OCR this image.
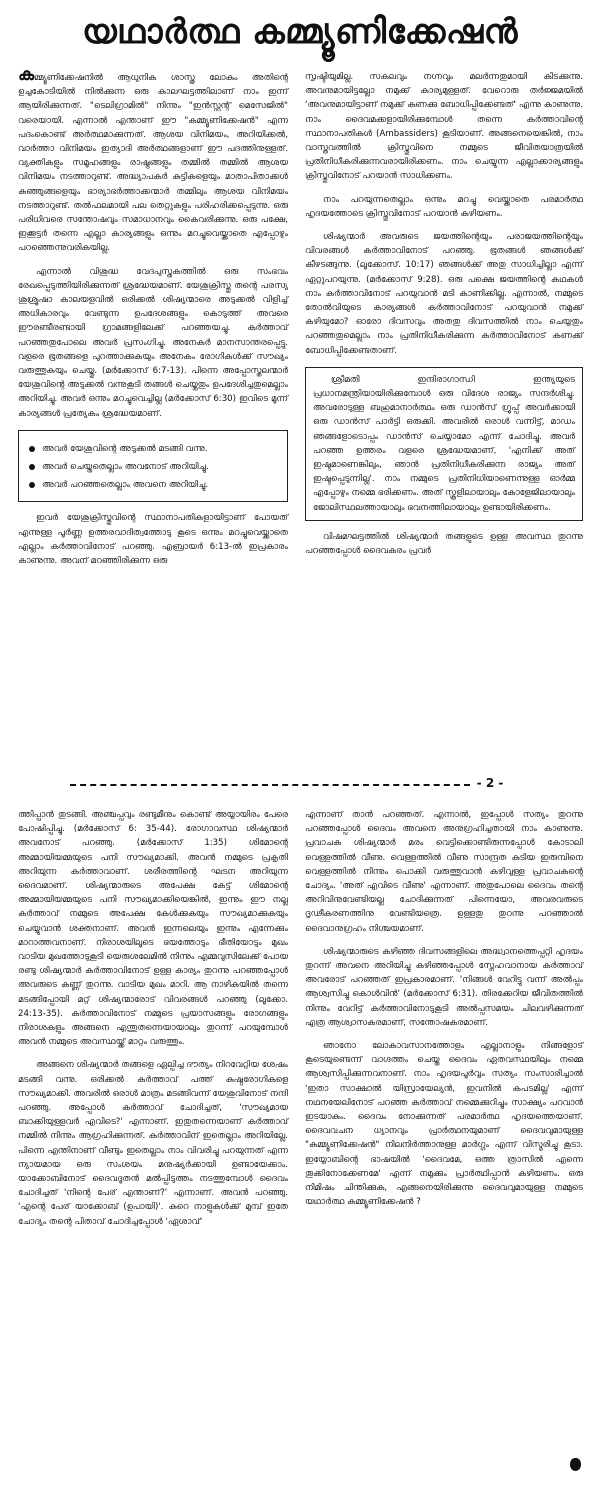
യഥാർത്ഥ കമ്മ്യൂണിക്കേഷൻ

കമ്മ്യൂണിക്കേഷനിൽ ആധുനിക ശാസ്ത്ര ലോകം അതിന്റെ ഉച്ചകോടിയിൽ നിൽക്കുന്ന ഒരു കാലഘട്ടത്തിലാണ് നാം ഇന്ന് ആയിരിക്കുന്നത്. "ടെലിഗ്രാമിൽ" നിന്നും "ഇൻസ്റ്റന്റ് മെസേജിൽ" വരെയായി. എന്നാൽ എന്താണ് ഈ "കമ്മ്യൂണിക്കേഷൻ" എന്ന പദംകൊണ്ട് അർത്ഥമാക്കുന്നത്. ആശയ വിനിമയം, അറിയിക്കൽ, വാർത്താ വിനിമയം ഇത്യാദി അർത്ഥങ്ങളാണ് ഈ പദത്തിനുള്ളത്. വ്യക്തികളും സമൂഹങ്ങളും രാഷ്ട്രങ്ങളും തമ്മിൽ തമ്മിൽ ആശയ വിനിമയം നടത്താറുണ്ട്. അദ്ധ്യാപകർ കുട്ടികളെയും മാതാപിതാക്കൾ കുഞ്ഞുങ്ങളെയും ഭാര്യാഭർത്താക്കന്മാർ തമ്മിലും ആശയ വിനിമയം നടത്താറുണ്ട്. തൽഫലമായി പല തെറ്റുകളും പരിഹരിക്കപ്പെടുന്നു. ഒരു പരിധിവരെ സന്തോഷവും സമാധാനവും കൈവരിക്കുന്നു. ഒരു പക്ഷേ, ഇക്കൂട്ടർ തന്നെ എല്ലാ കാര്യങ്ങളും ഒന്നും മറച്ചുവെയ്ക്കാതെ എപ്പോഴും പറഞ്ഞെന്നുവരികയില്ല.

എന്നാൽ വിശുദ്ധ വേദപുസ്തകത്തിൽ ഒരു സംഭവം രേഖപ്പെടുത്തിയിരിക്കുന്നത് ശ്രദ്ധേയമാണ്. യേശുക്രിസ്തു തന്റെ പരസ്യ ശുശ്രൂഷാ കാലയളവിൽ ഒരിക്കൽ ശിഷ്യന്മാരെ അടുക്കൽ വിളിച്ച് അധികാരവും വേണ്ടുന്ന ഉപദേശങ്ങളും കൊടുത്ത് അവരെ ഈരണ്ടീരണ്ടായി ഗ്രാമങ്ങളിലേക്ക് പറഞ്ഞയച്ചു. കർത്താവ് പറഞ്ഞതുപോലെ അവർ പ്രസംഗിച്ചു. അനേകർ മാനസാന്തരപ്പെട്ടു. വളരെ ഭൂതങ്ങളെ പുറത്താക്കുകയും അനേകം രോഗികൾക്ക് സൗഖ്യം വരുത്തുകയും ചെയ്തു. (മർക്കോസ് 6:7-13). പിന്നെ അപ്പോസ്തലന്മാർ യേശുവിന്റെ അടുക്കൽ വന്നുകൂടി തങ്ങൾ ചെയ്തതും ഉപദേശിച്ചതുമെല്ലാം അറിയിച്ചു. അവർ ഒന്നും മറച്ചുവെച്ചില്ല (മർക്കോസ് 6:30) ഇവിടെ മൂന്ന് കാര്യങ്ങൾ പ്രത്യേകം ശ്രദ്ധേയമാണ്.

അവർ യേശുവിന്റെ അടുക്കൽ മടങ്ങി വന്നു.
അവർ ചെയ്തതെല്ലാം അവനോട് അറിയിച്ചു.
അവർ പറഞ്ഞതെല്ലാം അവനെ അറിയിച്ചു.

ഇവർ യേശുക്രിസ്തുവിന്റെ സ്ഥാനാപതികളായിട്ടാണ് പോയത് എന്നുള്ള പൂർണ്ണ ഉത്തരവാദിത്വത്തോടു കൂടെ ഒന്നും മറച്ചുവെയ്ക്കാതെ എല്ലാം കർത്താവിനോട് പറഞ്ഞു. എബ്രായർ 6:13-ൽ ഇപ്രകാരം കാണുന്നു. അവന് മറഞ്ഞിരിക്കുന്ന ഒരു

സൃഷ്ടിയുമില്ല. സകലവും നഗ്നവും മലർന്നതുമായി കിടക്കുന്നു. അവനുമായിട്ടല്ലോ നമുക്ക് കാര്യമുള്ളത്. വേറൊരു തർജ്ജമയിൽ 'അവനുമായിട്ടാണ് നമുക്ക് കണക്കു ബോധിപ്പിക്കേണ്ടത്' എന്നു കാണുന്നു. നാം ദൈവമക്കളായിരിക്കുമ്പോൾ തന്നെ കർത്താവിന്റെ സ്ഥാനാപതികൾ (Ambassiders) കൂടിയാണ്. അങ്ങനെയെങ്കിൽ, നാം വാസ്തവത്തിൽ ക്രിസ്തുവിനെ നമ്മുടെ ജീവിതയാത്രയിൽ പ്രതിനിധീകരിക്കുന്നവരായിരിക്കണം. നാം ചെയ്യുന്ന എല്ലാക്കാര്യങ്ങളും ക്രിസ്തുവിനോട് പറയാൻ സാധിക്കണം.

നാം പറയുന്നതെല്ലാം ഒന്നും മറച്ചു വെയ്ക്കാതെ പരമാർത്ഥ ഹൃദയത്തോടെ ക്രിസ്തുവിനോട് പറയാൻ കഴിയണം.

ശിഷ്യന്മാർ അവരുടെ ജയത്തിന്റെയും പരാജയത്തിന്റെയും വിവരങ്ങൾ കർത്താവിനോട് പറഞ്ഞു. ഭൂതങ്ങൾ ഞങ്ങൾക്ക് കീഴടങ്ങുന്നു. (ലൂക്കോസ്. 10:17) ഞങ്ങൾക്ക് അതു സാധിച്ചില്ലാ എന്ന് ഏറ്റുപറയുന്നു. (മർക്കോസ് 9:28). ഒരു പക്ഷെ ജയത്തിന്റെ കഥകൾ നാം കർത്താവിനോട് പറയുവാൻ മടി കാണിക്കില്ല. എന്നാൽ, നമ്മുടെ തോൽവിയുടെ കാര്യങ്ങൾ കർത്താവിനോട് പറയുവാൻ നമുക്ക് കഴിയുമോ? ഓരോ ദിവസവും അതതു ദിവസത്തിൽ നാം ചെയ്യതും പറഞ്ഞതുമെല്ലാം നാം പ്രതിനിധീകരിക്കുന്ന കർത്താവിനോട് കണക്ക് ബോധിപ്പിക്കേണ്ടതാണ്.

ശ്രീമതി ഇന്ദിരാഗാന്ധി ഇന്ത്യയുടെ പ്രധാനമന്ത്രിയായിരിക്കുമ്പോൾ ഒരു വിദേശ രാജ്യം സന്ദർശിച്ചു. അവരോടുള്ള ബഹുമാനാർത്ഥം ഒരു ഡാൻസ് ഗ്രൂപ്പ് അവർക്കായി ഒരു ഡാൻസ് പാർട്ടി ഒരുക്കി. അവരിൽ ഒരാൾ വന്നിട്ട്, മാഡം ഞങ്ങളോടൊപ്പം ഡാൻസ് ചെയ്യാമോ എന്ന് ചോദിച്ചു. അവർ പറഞ്ഞ ഉത്തരം വളരെ ശ്രദ്ധേയമാണ്, 'എനിക്ക് അത് ഇഷ്ടമാണെങ്കിലും, ഞാൻ പ്രതിനിധീകരിക്കുന്ന രാജ്യം അത് ഇഷ്ടപ്പെടുന്നില്ല'. നാം നമ്മുടെ പ്രതിനിധിയാണെന്നുള്ള ഓർമ്മ എപ്പോഴും നമ്മെ ഭരിക്കണം. അത് സ്കൂളിലായാലും കോളേജിലായാലും ജോലിസ്ഥലത്തായാലും ഭവനത്തിലായാലും ഉണ്ടായിരിക്കണം.

വിഷമഘട്ടത്തിൽ ശിഷ്യന്മാർ തങ്ങളുടെ ഉള്ള അവസ്ഥ തുറന്നു പറഞ്ഞപ്പോൾ ദൈവകരം പ്രവർ

- 2 -

ത്തിപ്പാൻ തുടങ്ങി. അഞ്ചപ്പവും രണ്ടുമീനും കൊണ്ട് അയ്യായിരം പേരെ പോഷിപ്പിച്ചു. (മർക്കോസ് 6: 35-44). രോഗാവസ്ഥ ശിഷ്യന്മാർ അവനോട് പറഞ്ഞു. (മർക്കോസ് 1:35) ശിമോന്റെ അമ്മായിയമ്മയുടെ പനി സൗഖ്യമാക്കി. അവൻ നമ്മുടെ പ്രകൃതി അറിയുന്ന കർത്താവാണ്. ശരീരത്തിന്റെ ഘടന അറിയുന്ന ദൈവമാണ്. ശിഷ്യന്മാരുടെ അപേക്ഷ കേട്ട് ശിമോന്റെ അമ്മായിയമ്മയുടെ പനി സൗഖ്യമാക്കിയെങ്കിൽ, ഇന്നും ഈ നല്ല കർത്താവ് നമ്മുടെ അപേക്ഷ കേൾക്കുകയും സൗഖ്യമാക്കുകയും ചെയ്യുവാൻ ശക്തനാണ്. അവൻ ഇന്നലെയും ഇന്നും എന്നേക്കും മാറാത്തവനാണ്. നിരാശയിലൂടെ ഭയത്തോടും ഭീതിയോടും മുഖം വാടിയ മുഖത്തോടുകൂടി യെരുശലേമിൽ നിന്നും എമ്മവുസിലേക്ക് പോയ രണ്ടു ശിഷ്യന്മാർ കർത്താവിനോട് ഉള്ള കാര്യം തുറന്നു പറഞ്ഞപ്പോൾ അവരുടെ കണ്ണ് തുറന്നു. വാടിയ മുഖം മാറി. ആ നാഴികയിൽ തന്നെ മടങ്ങിപ്പോയി മറ്റ് ശിഷ്യന്മാരോട് വിവരങ്ങൾ പറഞ്ഞു (ലൂക്കോ. 24:13-35). കർത്താവിനോട് നമ്മുടെ പ്രയാസങ്ങളും രോഗങ്ങളും നിരാശകളും അങ്ങനെ എന്തുതന്നെയായാലും തുറന്ന് പറയുമ്പോൾ അവൻ നമ്മുടെ അവസ്ഥയ്ക്ക് മാറ്റം വരുത്തും.

അങ്ങനെ ശിഷ്യന്മാർ തങ്ങളെ ഏല്പിച്ച ദൗത്യം നിറവേറ്റിയ ശേഷം മടങ്ങി വന്നു. ഒരിക്കൽ കർത്താവ് പത്ത് കുഷ്ഠരോഗികളെ സൗഖ്യമാക്കി. അവരിൽ ഒരാൾ മാത്രം മടങ്ങിവന്ന് യേശുവിനോട് നന്ദി പറഞ്ഞു. അപ്പോൾ കർത്താവ് ചോദിച്ചത്, 'സൗഖ്യമായ ബാക്കിയുള്ളവർ എവിടെ?' എന്നാണ്. ഇതുതന്നെയാണ് കർത്താവ് നമ്മിൽ നിന്നും ആഗ്രഹിക്കുന്നത്. കർത്താവിന് ഇതെല്ലാം അറിയില്ലേ. പിന്നെ എന്തിനാണ് വീണ്ടും ഇതെല്ലാം നാം വിവരിച്ചു പറയുന്നത് എന്ന ന്യായമായ ഒരു സംശയം മനുഷ്യർക്കായി ഉണ്ടായേക്കാം. യാക്കോബിനോട് ദൈവദൂതൻ മൽപ്പിടുത്തം നടത്തുമ്പോൾ ദൈവം ചോദിച്ചത് 'നിന്റെ പേര് എന്താണ്?' എന്നാണ്. അവൻ പറഞ്ഞു. 'എന്റെ പേര് യാക്കോബ് (ഉപായി)'. കുറെ നാളുകൾക്ക് മുമ്പ് ഇതേ ചോദ്യം തന്റെ പിതാവ് ചോദിച്ചപ്പോൾ 'ഏശാവ്'

എന്നാണ് താൻ പറഞ്ഞത്. എന്നാൽ, ഇപ്പോൾ സത്യം തുറന്നു പറഞ്ഞപ്പോൾ ദൈവം അവനെ അനുഗ്രഹിച്ചതായി നാം കാണുന്നു. പ്രവാചക ശിഷ്യന്മാർ മരം വെട്ടിക്കൊണ്ടിരുന്നപ്പോൾ കോടാലി വെള്ളത്തിൽ വീണു. വെള്ളത്തിൽ വീണു സാന്ദ്രത കുടിയ ഇരുമ്പിനെ വെള്ളത്തിൽ നിന്നും പൊക്കി വരുത്തുവാൻ കഴിവുള്ള പ്രവാചകന്റെ ചോദ്യം. 'അത് എവിടെ വീണു' എന്നാണ്. അതുപോലെ ദൈവം തന്റെ അറിവിനുവേണ്ടിയല്ല ചോദിക്കുന്നത് പിന്നെയോ, അവരവരുടെ ദൃഢീകരണത്തിനു വേണ്ടിയത്രെ. ഉള്ളതു തുറന്നു പറഞ്ഞാൽ ദൈവാനുഗ്രഹം നിശ്ചയമാണ്.

ശിഷ്യന്മാരുടെ കഴിഞ്ഞ ദിവസങ്ങളിലെ അദ്ധ്വാനത്തെപ്പറ്റി ഹൃദയം തുറന്ന് അവനെ അറിയിച്ചു കഴിഞ്ഞപ്പോൾ സ്നേഹവാനായ കർത്താവ് അവരോട് പറഞ്ഞത് ഇപ്രകാരമാണ്. 'നിങ്ങൾ വേറിട്ടു വന്ന് അൽപ്പം ആശ്വസിച്ചു കൊൾവിൻ' (മർക്കോസ് 6:31). തിരക്കേറിയ ജീവിതത്തിൽ നിന്നും വേറിട്ട് കർത്താവിനോടുകൂടി അൽപ്പസമയം ചിലവഴിക്കുന്നത് എത്ര ആശ്വാസകരമാണ്, സന്തോഷകരമാണ്.

ഞാനോ ലോകാവസാനത്തോളം എല്ലാനാളും നിങ്ങളോട് കൂടെയുണ്ടെന്ന് വാഗ്ദത്തം ചെയ്ത ദൈവം ഏതവസ്ഥയിലും നമ്മെ ആശ്വസിപ്പിക്കുന്നവനാണ്. നാം ഹൃദയപൂർവ്വം സത്യം സംസാരിച്ചാൽ 'ഇതാ സാക്ഷാൽ യിസ്രായേല്യൻ, ഇവനിൽ കപടമില്ല' എന്ന് നഥനയേലിനോട് പറഞ്ഞ കർത്താവ് നമ്മെക്കുറിച്ചും സാക്ഷ്യം പറവാൻ ഇടയാകും. ദൈവം നോക്കുന്നത് പരമാർത്ഥ ഹൃദയത്തെയാണ്. ദൈവവചന ധ്യാനവും പ്രാർത്ഥനയുമാണ് ദൈവവുമായുള്ള "കമ്മ്യൂണിക്കേഷൻ" നിലനിർത്താനുള്ള മാർഗ്ഗം എന്ന് വിസ്മരിച്ചു കൂടാ. ഇയ്യോബിന്റെ ഭാഷയിൽ 'ദൈവമേ, ഒത്ത ത്രാസിൽ എന്നെ തൂക്കിനോക്കേണമേ' എന്ന് നമുക്കും പ്രാർത്ഥിപ്പാൻ കഴിയണം. ഒരു നിമിഷം ചിന്തിക്കുക, എങ്ങനെയിരിക്കുന്നു ദൈവവുമായുള്ള നമ്മുടെ യഥാർത്ഥ കമ്മ്യൂണിക്കേഷൻ ?
